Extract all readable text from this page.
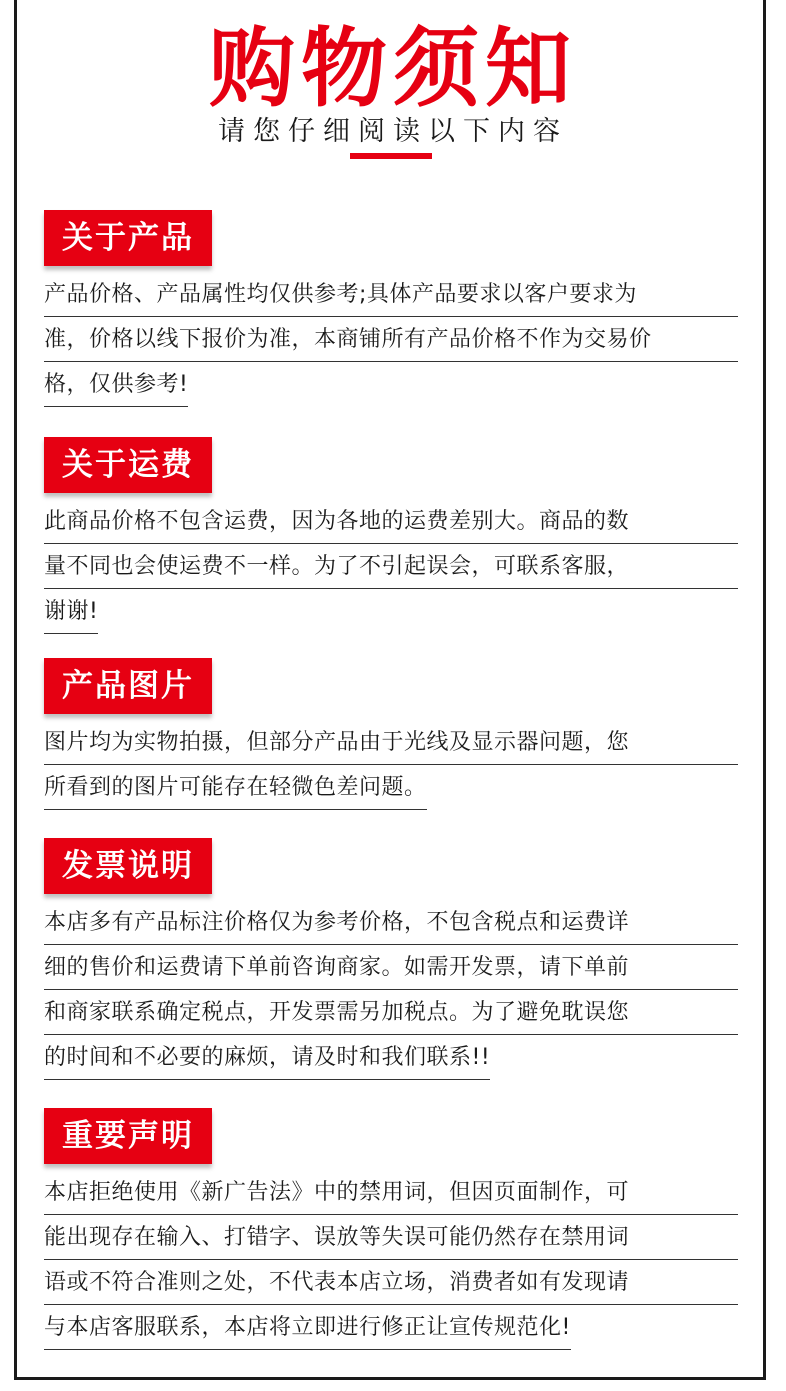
购物须知
请您仔细阅读以下内容
关于产品
产品价格、产品属性均仅供参考;具体产品要求以客户要求为
准，价格以线下报价为准，本商铺所有产品价格不作为交易价
格，仅供参考!
关于运费
此商品价格不包含运费，因为各地的运费差别大。商品的数
量不同也会使运费不一样。为了不引起误会，可联系客服，
谢谢!
产品图片
图片均为实物拍摄，但部分产品由于光线及显示器问题，您
所看到的图片可能存在轻微色差问题。
发票说明
本店多有产品标注价格仅为参考价格，不包含税点和运费详
细的售价和运费请下单前咨询商家。如需开发票，请下单前
和商家联系确定税点，开发票需另加税点。为了避免耽误您
的时间和不必要的麻烦，请及时和我们联系!!
重要声明
本店拒绝使用《新广告法》中的禁用词，但因页面制作，可
能出现存在输入、打错字、误放等失误可能仍然存在禁用词
语或不符合准则之处，不代表本店立场，消费者如有发现请
与本店客服联系，本店将立即进行修正让宣传规范化!
